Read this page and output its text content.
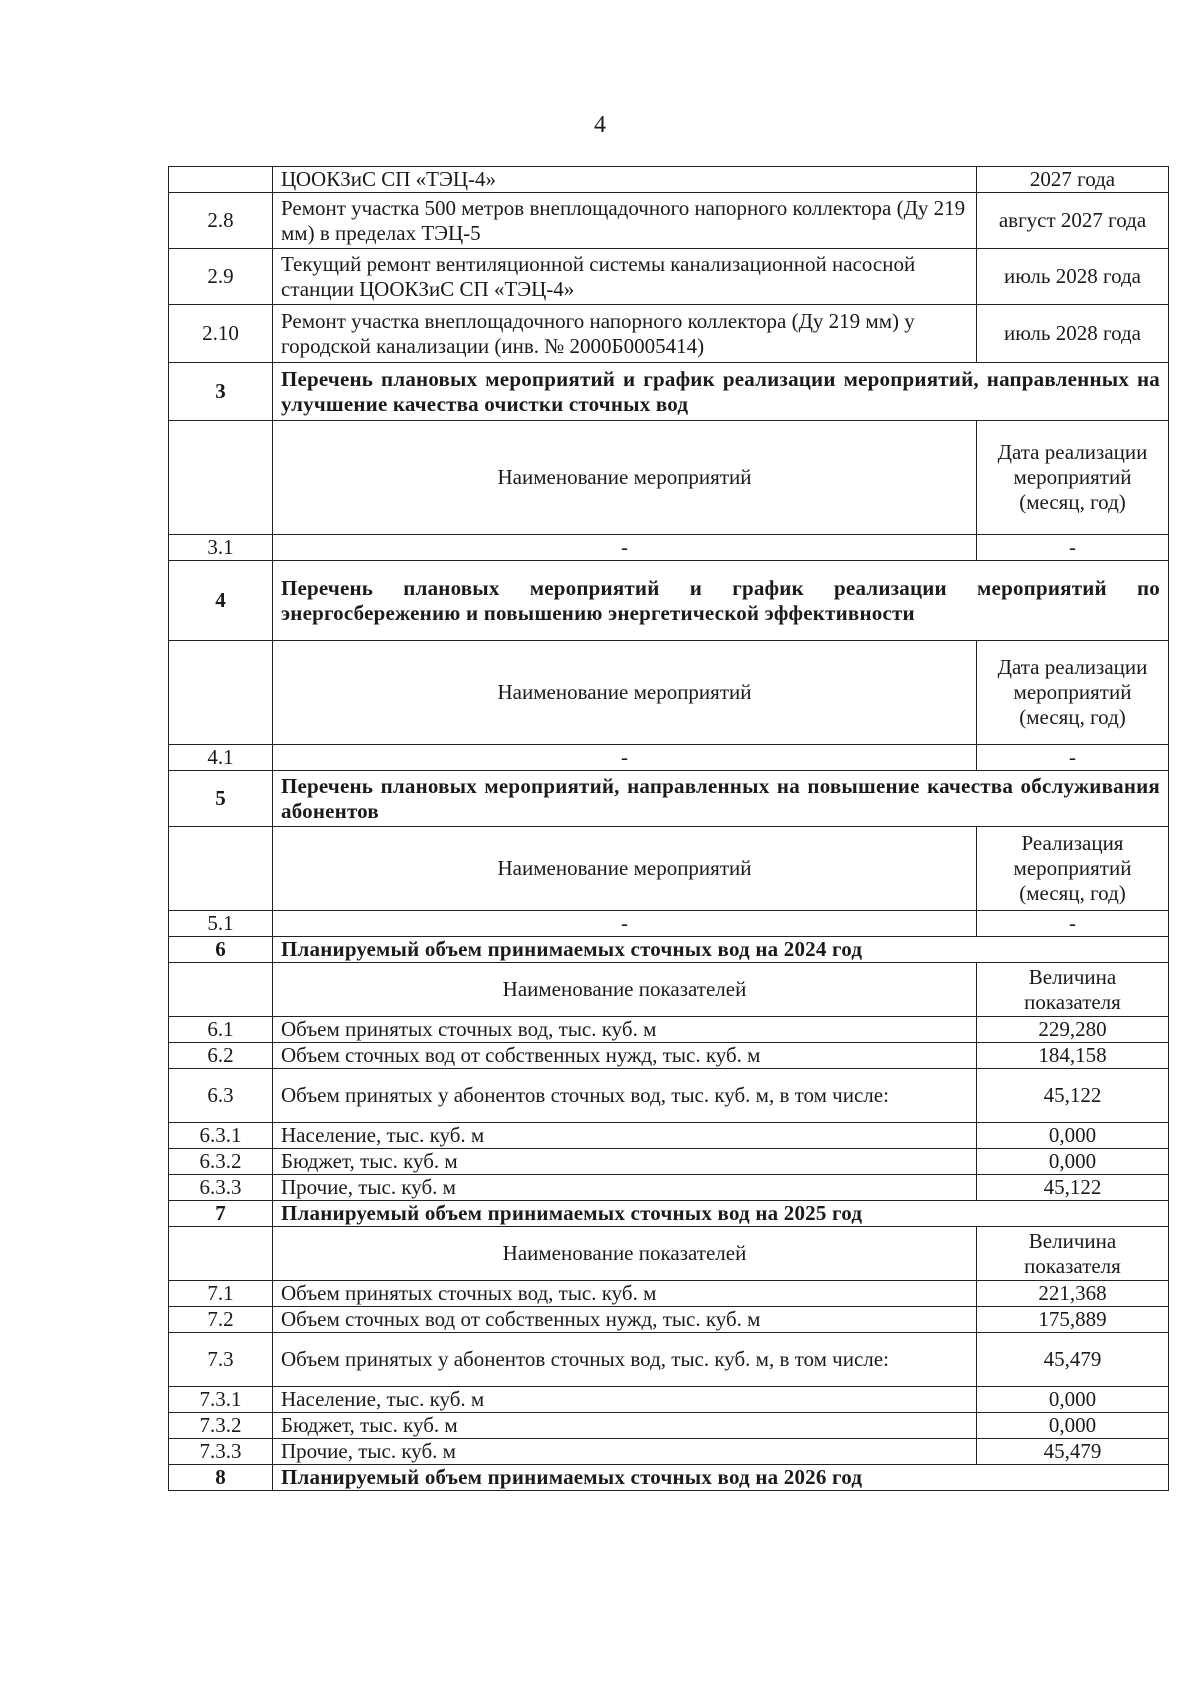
4
	ЦООКЗиС СП «ТЭЦ-4»	2027 года
2.8	Ремонт участка 500 метров внеплощадочного напорного коллектора (Ду 219 мм) в пределах ТЭЦ-5	август 2027 года
2.9	Текущий ремонт вентиляционной системы канализационной насосной станции ЦООКЗиС СП «ТЭЦ-4»	июль 2028 года
2.10	Ремонт участка внеплощадочного напорного коллектора (Ду 219 мм) у городской канализации (инв. № 2000Б0005414)	июль 2028 года
3	Перечень плановых мероприятий и график реализации мероприятий, направленных на улучшение качества очистки сточных вод	
	Наименование мероприятий	Дата реализации мероприятий (месяц, год)
3.1	-	-
4	Перечень плановых мероприятий и график реализации мероприятий по энергосбережению и повышению энергетической эффективности	
	Наименование мероприятий	Дата реализации мероприятий (месяц, год)
4.1	-	-
5	Перечень плановых мероприятий, направленных на повышение качества обслуживания абонентов	
	Наименование мероприятий	Реализация мероприятий (месяц, год)
5.1	-	-
6	Планируемый объем принимаемых сточных вод на 2024 год	
	Наименование показателей	Величина показателя
6.1	Объем принятых сточных вод, тыс. куб. м	229,280
6.2	Объем сточных вод от собственных нужд, тыс. куб. м	184,158
6.3	Объем принятых у абонентов сточных вод, тыс. куб. м, в том числе:	45,122
6.3.1	Население, тыс. куб. м	0,000
6.3.2	Бюджет, тыс. куб. м	0,000
6.3.3	Прочие, тыс. куб. м	45,122
7	Планируемый объем принимаемых сточных вод на 2025 год	
	Наименование показателей	Величина показателя
7.1	Объем принятых сточных вод, тыс. куб. м	221,368
7.2	Объем сточных вод от собственных нужд, тыс. куб. м	175,889
7.3	Объем принятых у абонентов сточных вод, тыс. куб. м, в том числе:	45,479
7.3.1	Население, тыс. куб. м	0,000
7.3.2	Бюджет, тыс. куб. м	0,000
7.3.3	Прочие, тыс. куб. м	45,479
8	Планируемый объем принимаемых сточных вод на 2026 год	
